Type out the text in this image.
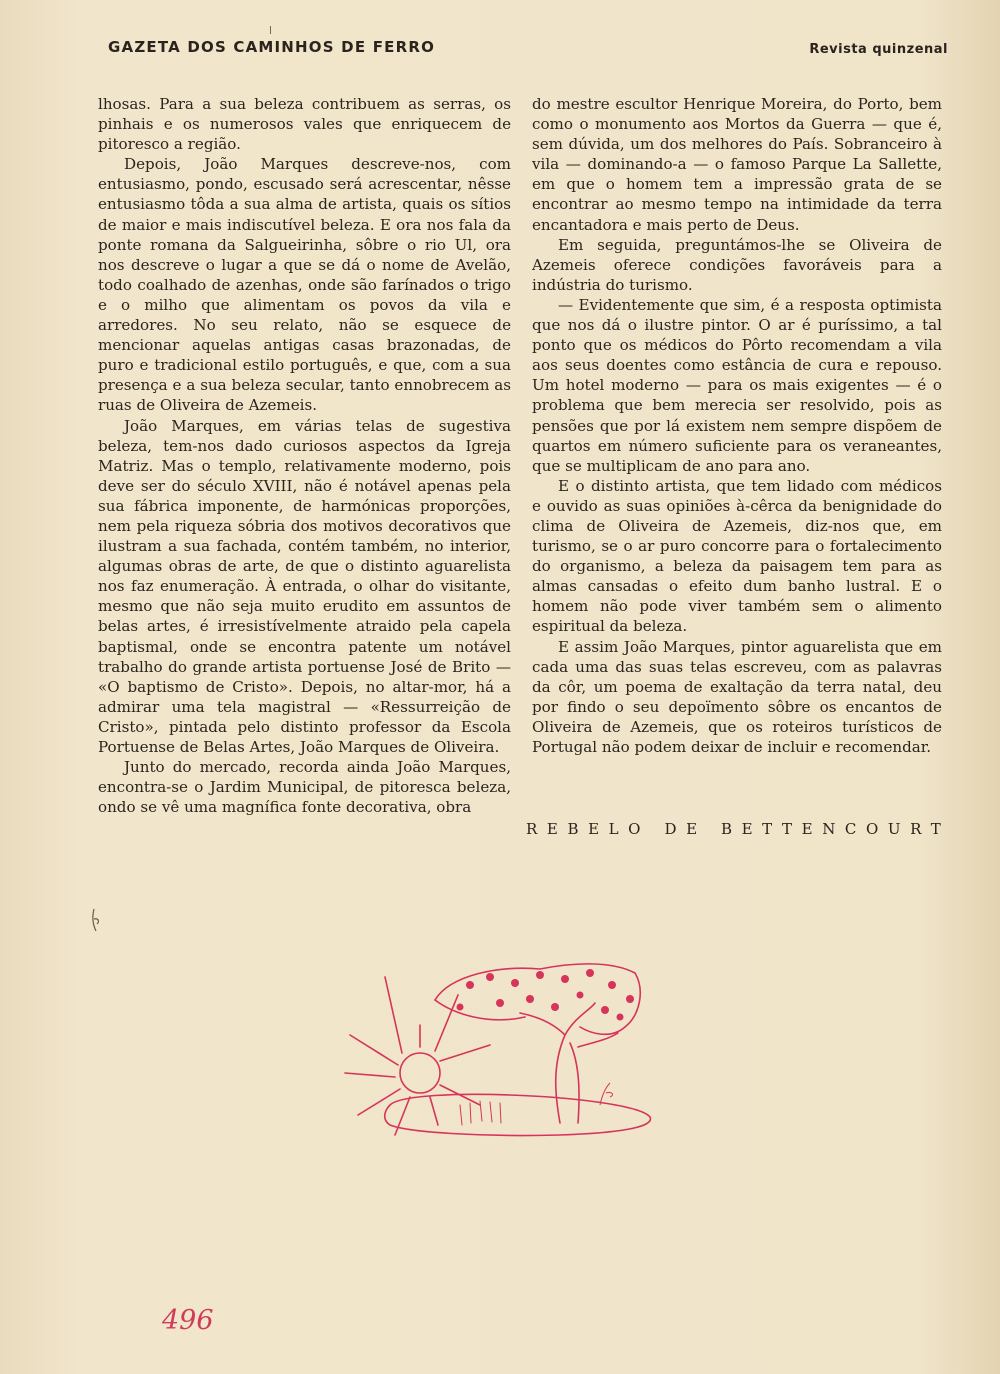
GAZETA DOS CAMINHOS DE FERRO	Revista quinzenal

lhosas. Para a sua beleza contribuem as serras, os pinhais e os numerosos vales que enriquecem de pitoresco a região.

Depois, João Marques descreve-nos, com entusiasmo, pondo, escusado será acrescentar, nêsse entusiasmo tôda a sua alma de artista, quais os sítios de maior e mais indiscutível beleza. E ora nos fala da ponte romana da Salgueirinha, sôbre o rio Ul, ora nos descreve o lugar a que se dá o nome de Avelão, todo coalhado de azenhas, onde são farínados o trigo e o milho que alimentam os povos da vila e arredores. No seu relato, não se esquece de mencionar aquelas antigas casas brazonadas, de puro e tradicional estilo português, e que, com a sua presença e a sua beleza secular, tanto ennobrecem as ruas de Oliveira de Azemeis.

João Marques, em várias telas de sugestiva beleza, tem-nos dado curiosos aspectos da Igreja Matriz. Mas o templo, relativamente moderno, pois deve ser do século XVIII, não é notável apenas pela sua fábrica imponente, de harmónicas proporções, nem pela riqueza sóbria dos motivos decorativos que ilustram a sua fachada, contém também, no interior, algumas obras de arte, de que o distinto aguarelista nos faz enumeração. À entrada, o olhar do visitante, mesmo que não seja muito erudito em assuntos de belas artes, é irresistívelmente atraido pela capela baptismal, onde se encontra patente um notável trabalho do grande artista portuense José de Brito — «O baptismo de Cristo». Depois, no altar-mor, há a admirar uma tela magistral — «Ressurreição de Cristo», pintada pelo distinto professor da Escola Portuense de Belas Artes, João Marques de Oliveira.

Junto do mercado, recorda ainda João Marques, encontra-se o Jardim Municipal, de pitoresca beleza, ondo se vê uma magnífica fonte decorativa, obra

do mestre escultor Henrique Moreira, do Porto, bem como o monumento aos Mortos da Guerra — que é, sem dúvida, um dos melhores do País. Sobranceiro à vila — dominando-a — o famoso Parque La Sallette, em que o homem tem a impressão grata de se encontrar ao mesmo tempo na intimidade da terra encantadora e mais perto de Deus.

Em seguida, preguntámos-lhe se Oliveira de Azemeis oferece condições favoráveis para a indústria do turismo.

— Evidentemente que sim, é a resposta optimista que nos dá o ilustre pintor. O ar é puríssimo, a tal ponto que os médicos do Pôrto recomendam a vila aos seus doentes como estância de cura e repouso. Um hotel moderno — para os mais exigentes — é o problema que bem merecia ser resolvido, pois as pensões que por lá existem nem sempre dispõem de quartos em número suficiente para os veraneantes, que se multiplicam de ano para ano.

E o distinto artista, que tem lidado com médicos e ouvido as suas opiniões à-cêrca da benignidade do clima de Oliveira de Azemeis, diz-nos que, em turismo, se o ar puro concorre para o fortalecimento do organismo, a beleza da paisagem tem para as almas cansadas o efeito dum banho lustral. E o homem não pode viver também sem o alimento espiritual da beleza.

E assim João Marques, pintor aguarelista que em cada uma das suas telas escreveu, com as palavras da côr, um poema de exaltação da terra natal, deu por findo o seu depoïmento sôbre os encantos de Oliveira de Azemeis, que os roteiros turísticos de Portugal não podem deixar de incluir e recomendar.

REBELO DE BETTENCOURT
496
